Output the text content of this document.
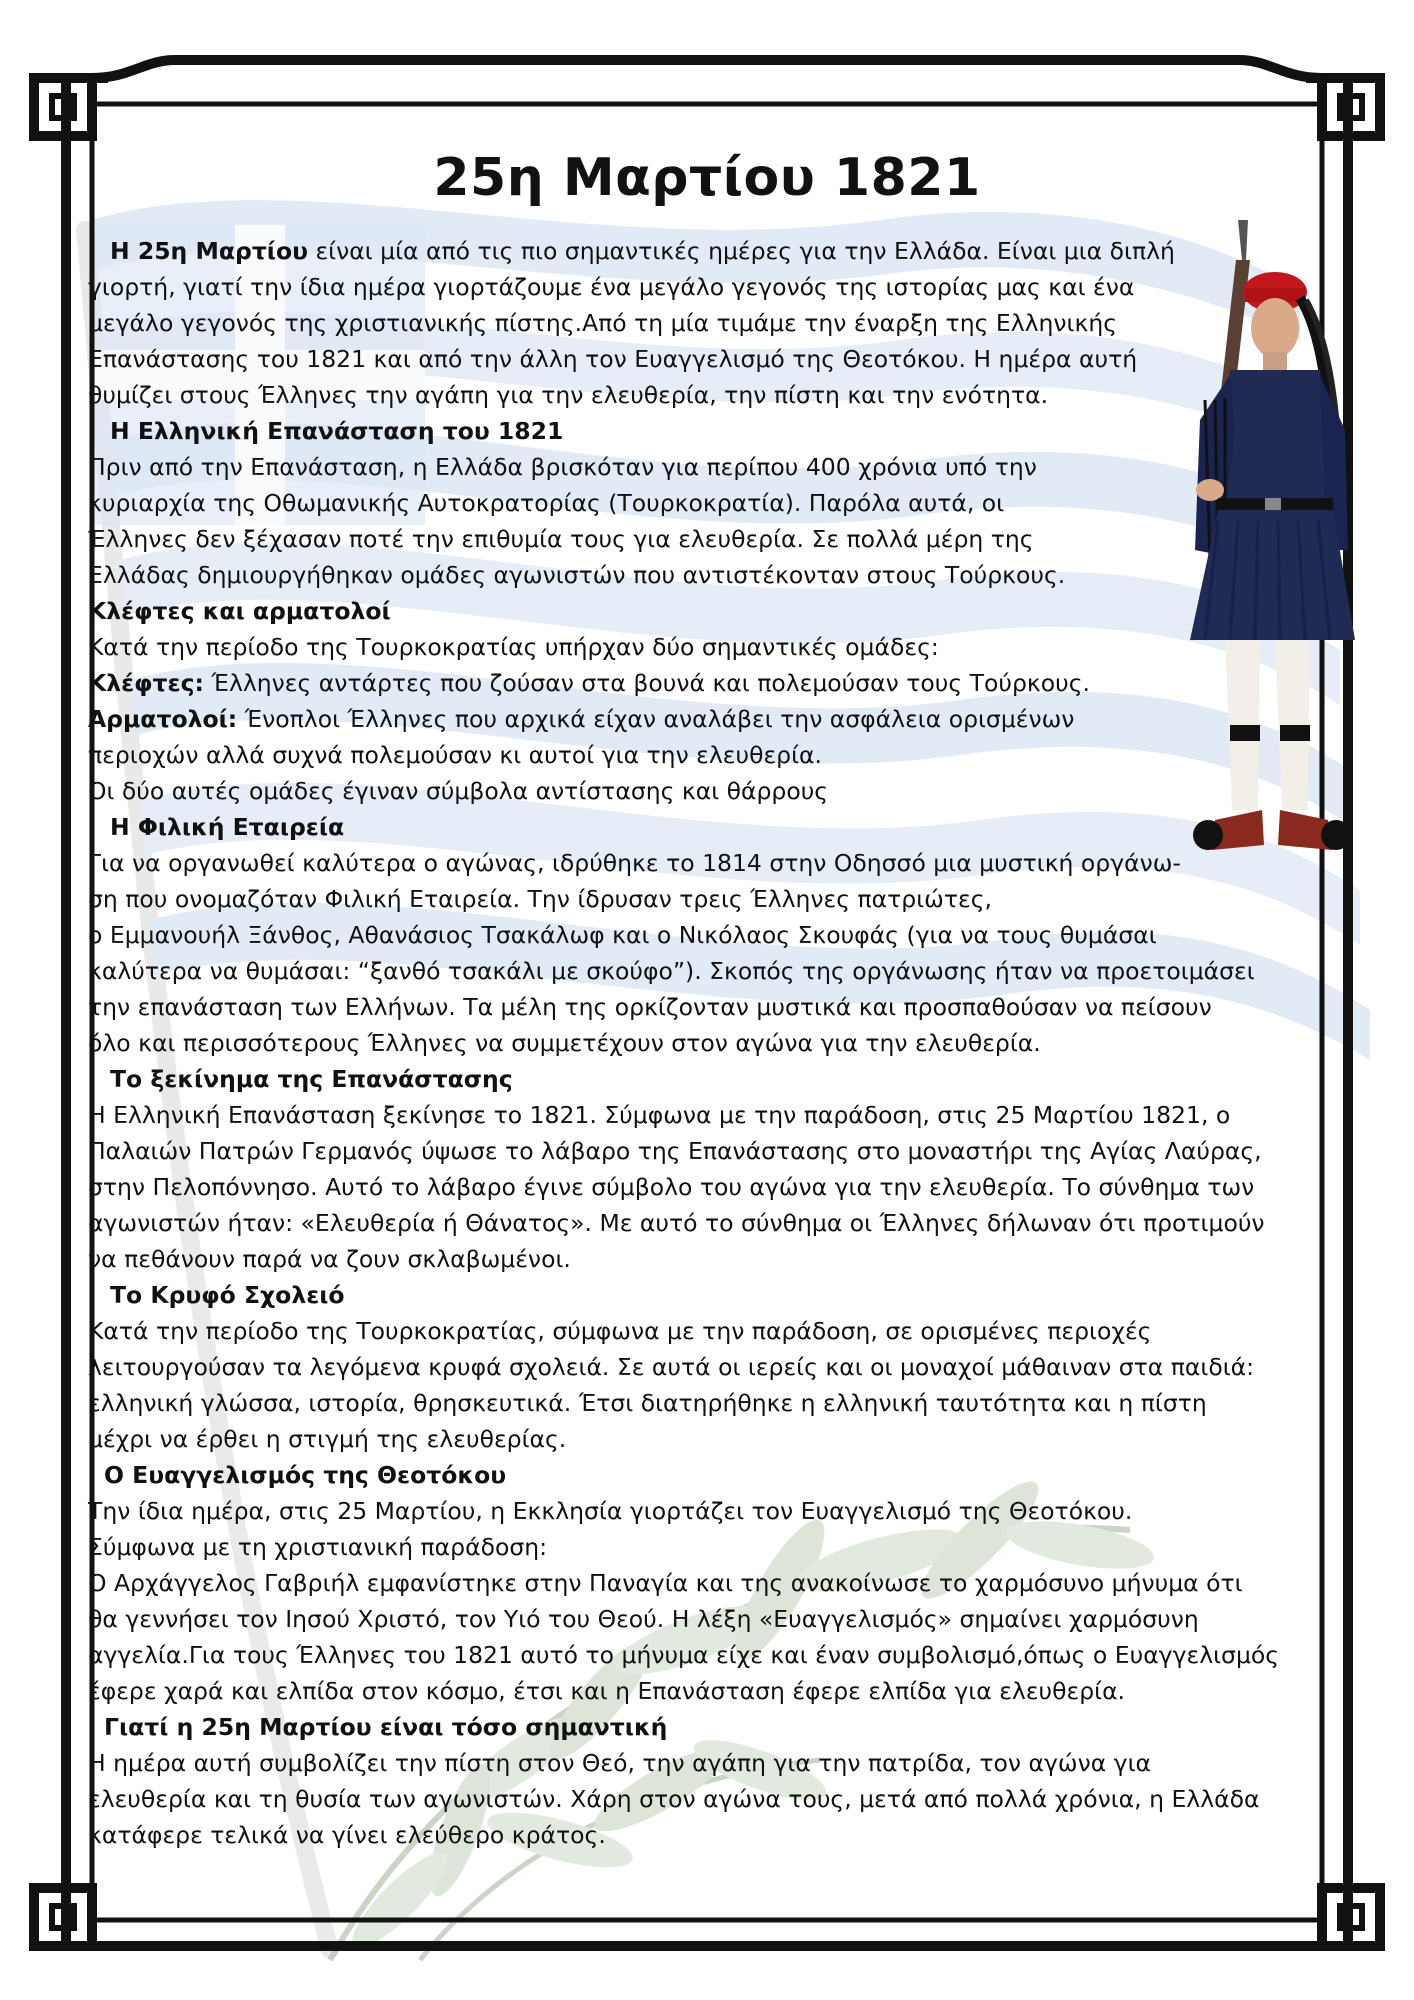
25η Μαρτίου 1821

Η 25η Μαρτίου είναι μία από τις πιο σημαντικές ημέρες για την Ελλάδα. Είναι μια διπλή

γιορτή, γιατί την ίδια ημέρα γιορτάζουμε ένα μεγάλο γεγονός της ιστορίας μας και ένα

μεγάλο γεγονός της χριστιανικής πίστης.Από τη μία τιμάμε την έναρξη της Ελληνικής

Επανάστασης του 1821 και από την άλλη τον Ευαγγελισμό της Θεοτόκου. Η ημέρα αυτή

θυμίζει στους Έλληνες την αγάπη για την ελευθερία, την πίστη και την ενότητα.

Η Ελληνική Επανάσταση του 1821

Πριν από την Επανάσταση, η Ελλάδα βρισκόταν για περίπου 400 χρόνια υπό την

κυριαρχία της Οθωμανικής Αυτοκρατορίας (Τουρκοκρατία). Παρόλα αυτά, οι

Έλληνες δεν ξέχασαν ποτέ την επιθυμία τους για ελευθερία. Σε πολλά μέρη της

Ελλάδας δημιουργήθηκαν ομάδες αγωνιστών που αντιστέκονταν στους Τούρκους.

Κλέφτες και αρματολοί

Κατά την περίοδο της Τουρκοκρατίας υπήρχαν δύο σημαντικές ομάδες:

Κλέφτες: Έλληνες αντάρτες που ζούσαν στα βουνά και πολεμούσαν τους Τούρκους.

Αρματολοί: Ένοπλοι Έλληνες που αρχικά είχαν αναλάβει την ασφάλεια ορισμένων

περιοχών αλλά συχνά πολεμούσαν κι αυτοί για την ελευθερία.

Οι δύο αυτές ομάδες έγιναν σύμβολα αντίστασης και θάρρους

Η Φιλική Εταιρεία

Για να οργανωθεί καλύτερα ο αγώνας, ιδρύθηκε το 1814 στην Οδησσό μια μυστική οργάνω-

ση που ονομαζόταν Φιλική Εταιρεία. Την ίδρυσαν τρεις Έλληνες πατριώτες,

ο Εμμανουήλ Ξάνθος, Αθανάσιος Τσακάλωφ και ο Νικόλαος Σκουφάς (για να τους θυμάσαι

καλύτερα να θυμάσαι: “ξανθό τσακάλι με σκούφο”). Σκοπός της οργάνωσης ήταν να προετοιμάσει

την επανάσταση των Ελλήνων. Τα μέλη της ορκίζονταν μυστικά και προσπαθούσαν να πείσουν

όλο και περισσότερους Έλληνες να συμμετέχουν στον αγώνα για την ελευθερία.

Το ξεκίνημα της Επανάστασης

Η Ελληνική Επανάσταση ξεκίνησε το 1821. Σύμφωνα με την παράδοση, στις 25 Μαρτίου 1821, ο

Παλαιών Πατρών Γερμανός ύψωσε το λάβαρο της Επανάστασης στο μοναστήρι της Αγίας Λαύρας,

στην Πελοπόννησο. Αυτό το λάβαρο έγινε σύμβολο του αγώνα για την ελευθερία. Το σύνθημα των

αγωνιστών ήταν: «Ελευθερία ή Θάνατος». Με αυτό το σύνθημα οι Έλληνες δήλωναν ότι προτιμούν

να πεθάνουν παρά να ζουν σκλαβωμένοι.

Το Κρυφό Σχολειό

Κατά την περίοδο της Τουρκοκρατίας, σύμφωνα με την παράδοση, σε ορισμένες περιοχές

λειτουργούσαν τα λεγόμενα κρυφά σχολειά. Σε αυτά οι ιερείς και οι μοναχοί μάθαιναν στα παιδιά:

ελληνική γλώσσα, ιστορία, θρησκευτικά. Έτσι διατηρήθηκε η ελληνική ταυτότητα και η πίστη

μέχρι να έρθει η στιγμή της ελευθερίας.

Ο Ευαγγελισμός της Θεοτόκου

Την ίδια ημέρα, στις 25 Μαρτίου, η Εκκλησία γιορτάζει τον Ευαγγελισμό της Θεοτόκου.

Σύμφωνα με τη χριστιανική παράδοση:

Ο Αρχάγγελος Γαβριήλ εμφανίστηκε στην Παναγία και της ανακοίνωσε το χαρμόσυνο μήνυμα ότι

θα γεννήσει τον Ιησού Χριστό, τον Υιό του Θεού. Η λέξη «Ευαγγελισμός» σημαίνει χαρμόσυνη

αγγελία.Για τους Έλληνες του 1821 αυτό το μήνυμα είχε και έναν συμβολισμό,όπως ο Ευαγγελισμός

έφερε χαρά και ελπίδα στον κόσμο, έτσι και η Επανάσταση έφερε ελπίδα για ελευθερία.

Γιατί η 25η Μαρτίου είναι τόσο σημαντική

Η ημέρα αυτή συμβολίζει την πίστη στον Θεό, την αγάπη για την πατρίδα, τον αγώνα για

ελευθερία και τη θυσία των αγωνιστών. Χάρη στον αγώνα τους, μετά από πολλά χρόνια, η Ελλάδα

κατάφερε τελικά να γίνει ελεύθερο κράτος.
